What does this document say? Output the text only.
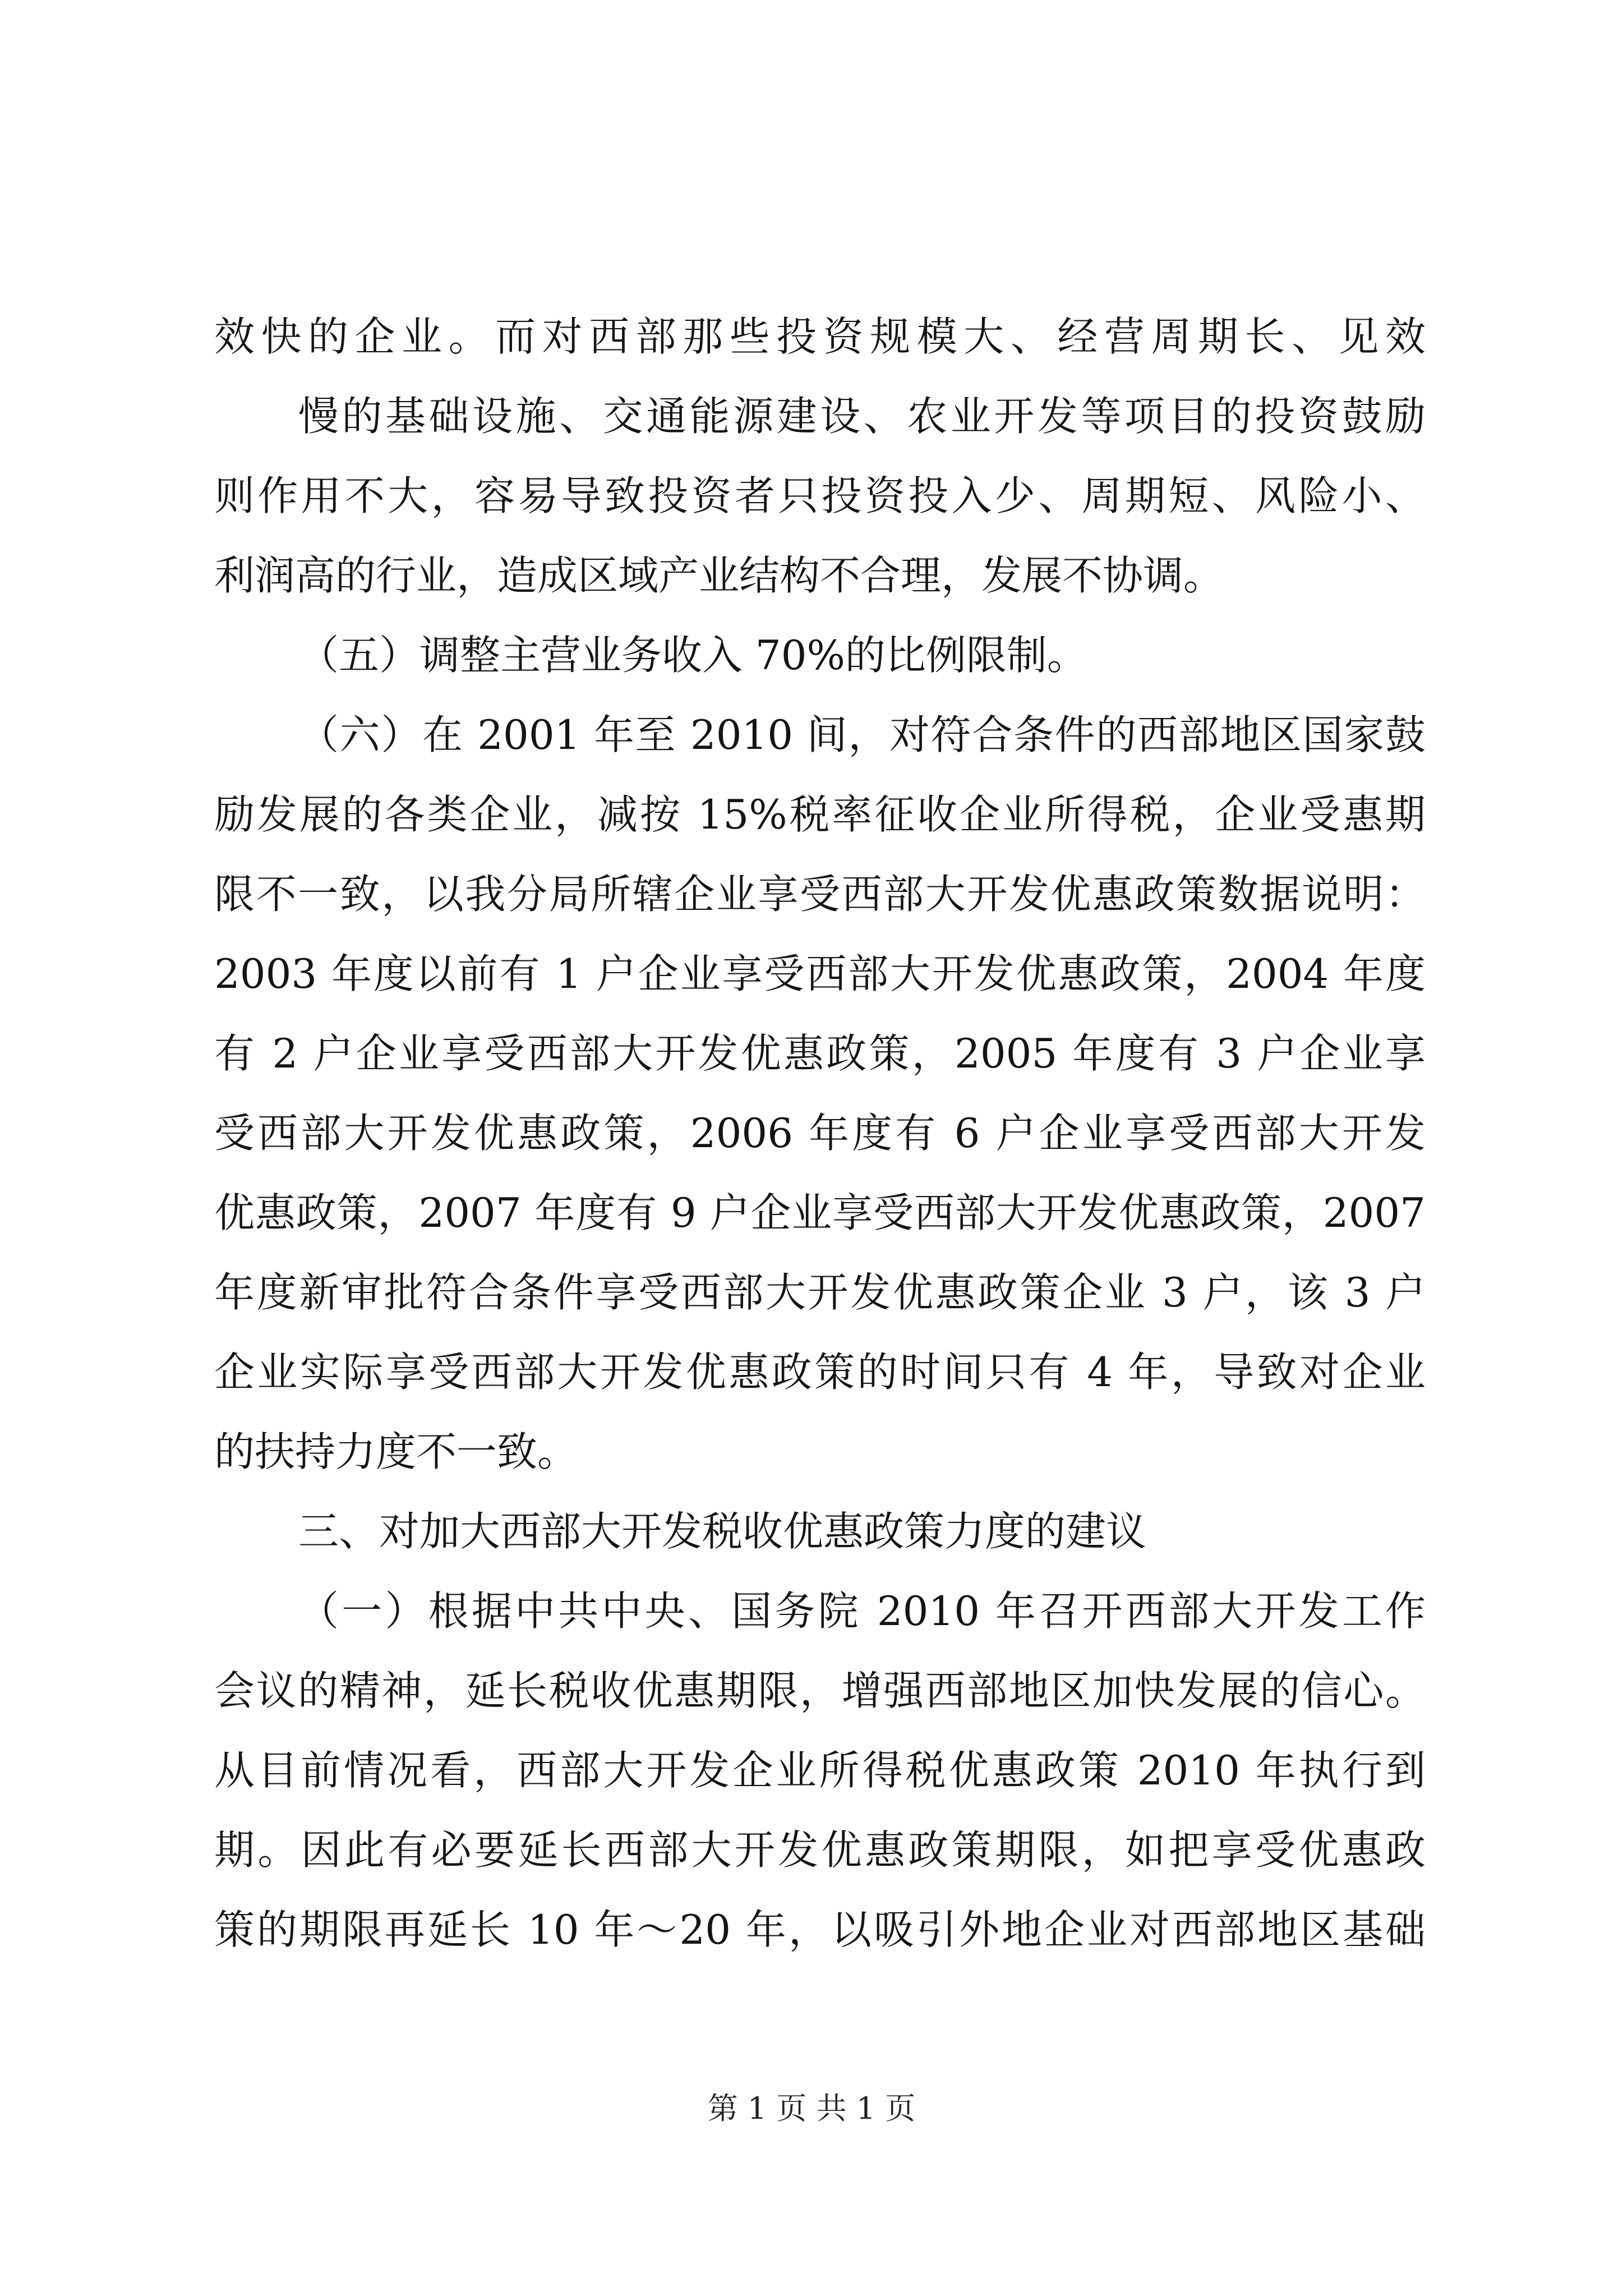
效快的企业。而对西部那些投资规模大、经营周期长、见效

慢的基础设施、交通能源建设、农业开发等项目的投资鼓励

则作用不大，容易导致投资者只投资投入少、周期短、风险小、

利润高的行业，造成区域产业结构不合理，发展不协调。

（五）调整主营业务收入 70%的比例限制。

（六）在 2001 年至 2010 间，对符合条件的西部地区国家鼓

励发展的各类企业，减按 15%税率征收企业所得税，企业受惠期

限不一致，以我分局所辖企业享受西部大开发优惠政策数据说明：

2003 年度以前有 1 户企业享受西部大开发优惠政策，2004 年度

有 2 户企业享受西部大开发优惠政策，2005 年度有 3 户企业享

受西部大开发优惠政策，2006 年度有 6 户企业享受西部大开发

优惠政策，2007 年度有 9 户企业享受西部大开发优惠政策，2007

年度新审批符合条件享受西部大开发优惠政策企业 3 户，该 3 户

企业实际享受西部大开发优惠政策的时间只有 4 年，导致对企业

的扶持力度不一致。

三、对加大西部大开发税收优惠政策力度的建议

（一）根据中共中央、国务院 2010 年召开西部大开发工作

会议的精神，延长税收优惠期限，增强西部地区加快发展的信心。

从目前情况看，西部大开发企业所得税优惠政策 2010 年执行到

期。因此有必要延长西部大开发优惠政策期限，如把享受优惠政

策的期限再延长 10 年～20 年，以吸引外地企业对西部地区基础

第 1 页 共 1 页
